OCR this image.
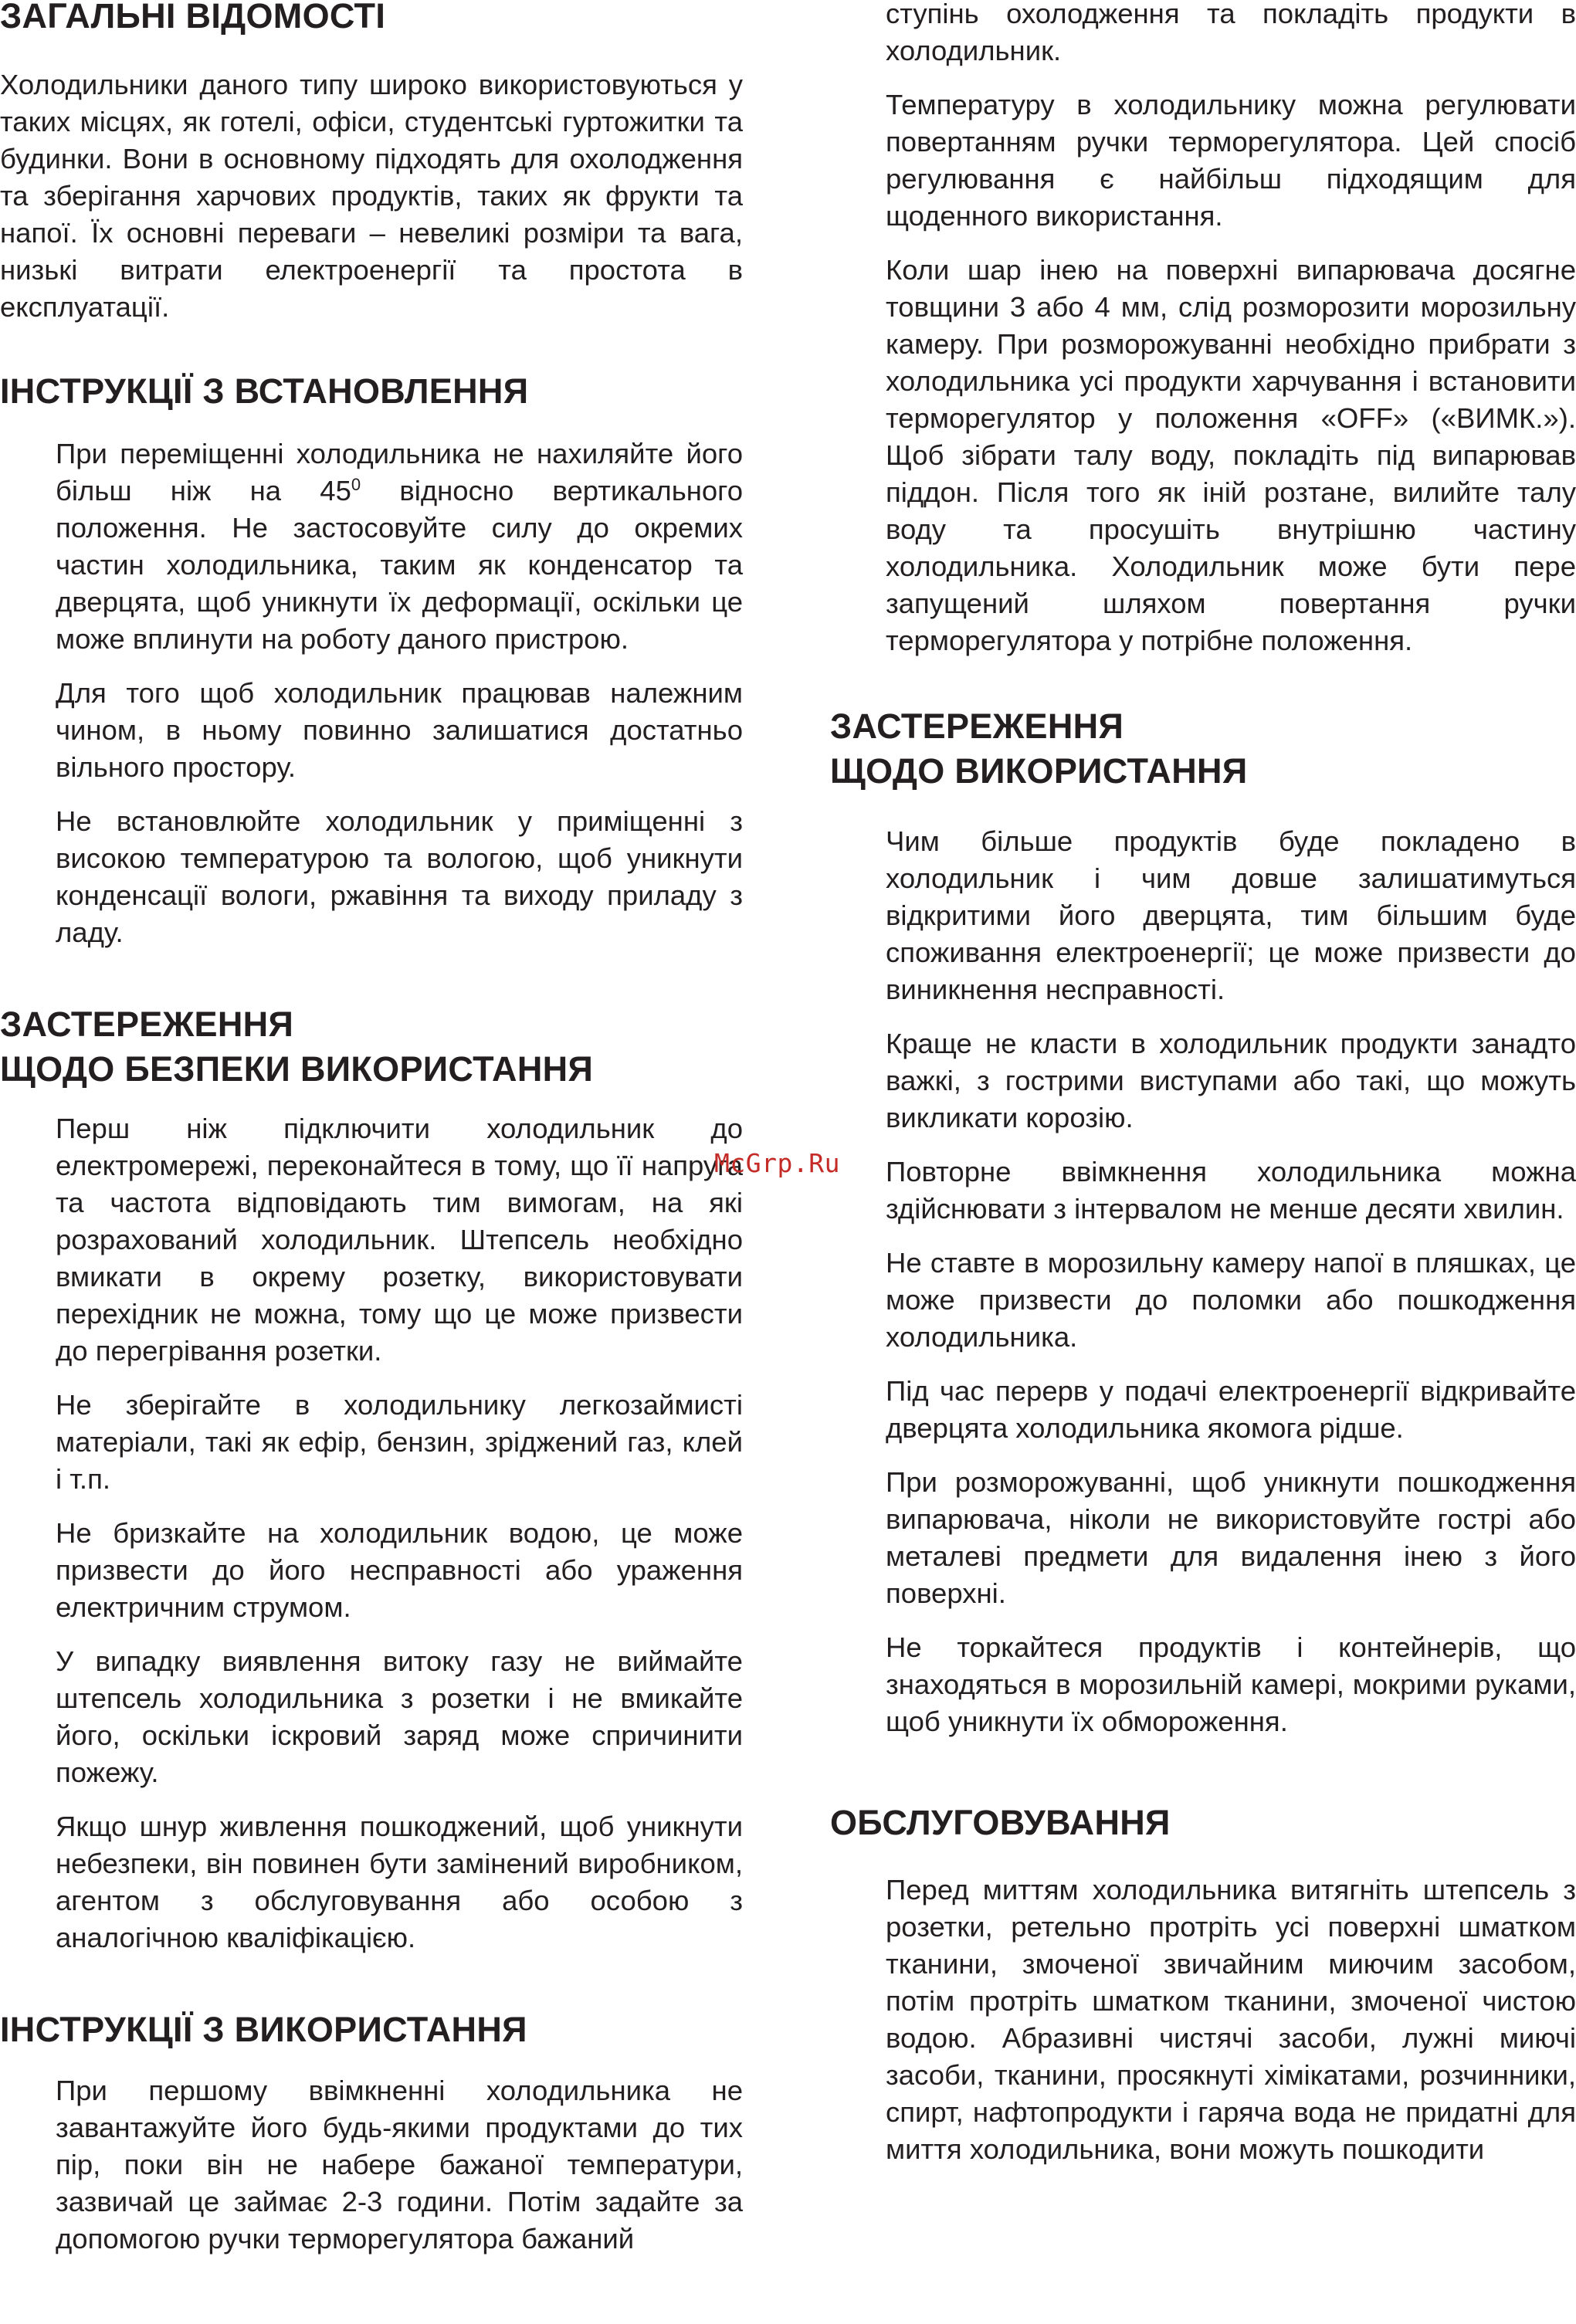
ЗАГАЛЬНІ ВІДОМОСТІ

Холодильники даного типу широко використовуються у таких місцях, як готелі, офіси, студентські гуртожитки та будинки. Вони в основному підходять для охолодження та зберігання харчових продуктів, таких як фрукти та напої. Їх основні переваги – невеликі розміри та вага, низькі витрати електроенергії та простота в експлуатації.

ІНСТРУКЦІЇ З ВСТАНОВЛЕННЯ

При переміщенні холодильника не нахиляйте його більш ніж на $45^0$ відносно вертикального положення. Не застосовуйте силу до окремих частин холодильника, таким як конденсатор та дверцята, щоб уникнути їх деформації, оскільки це може вплинути на роботу даного пристрою.

Для того щоб холодильник працював належним чином, в ньому повинно залишатися достатньо вільного простору.

Не встановлюйте холодильник у приміщенні з високою температурою та вологою, щоб уникнути конденсації вологи, ржавіння та виходу приладу з ладу.

ЗАСТЕРЕЖЕННЯ
ЩОДО БЕЗПЕКИ ВИКОРИСТАННЯ

Перш ніж підключити холодильник до електромережі, переконайтеся в тому, що її напруга та частота відповідають тим вимогам, на які розрахований холодильник. Штепсель необхідно вмикати в окрему розетку, використовувати перехідник не можна, тому що це може призвести до перегрівання розетки.

Не зберігайте в холодильнику легкозаймисті матеріали, такі як ефір, бензин, зріджений газ, клей і т.п.

Не бризкайте на холодильник водою, це може призвести до його несправності або ураження електричним струмом.

У випадку виявлення витоку газу не виймайте штепсель холодильника з розетки і не вмикайте його, оскільки іскровий заряд може спричинити пожежу.

Якщо шнур живлення пошкоджений, щоб уникнути небезпеки, він повинен бути замінений виробником, агентом з обслуговування або особою з аналогічною кваліфікацією.

ІНСТРУКЦІЇ З ВИКОРИСТАННЯ

При першому ввімкненні холодильника не завантажуйте його будь-якими продуктами до тих пір, поки він не набере бажаної температури, зазвичай це займає 2-3 години. Потім задайте за допомогою ручки терморегулятора бажаний

ступінь охолодження та покладіть продукти в холодильник.

Температуру в холодильнику можна регулювати повертанням ручки терморегулятора. Цей спосіб регулювання є найбільш підходящим для щоденного використання.

Коли шар інею на поверхні випарювача досягне товщини 3 або 4 мм, слід розморозити морозильну камеру. При розморожуванні необхідно прибрати з холодильника усі продукти харчування і встановити терморегулятор у положення «OFF» («ВИМК.»). Щоб зібрати талу воду, покладіть під випарював піддон. Після того як іній розтане, вилийте талу воду та просушіть внутрішню частину холодильника. Холодильник може бути пере запущений шляхом повертання ручки терморегулятора у потрібне положення.

ЗАСТЕРЕЖЕННЯ
ЩОДО ВИКОРИСТАННЯ

Чим більше продуктів буде покладено в холодильник і чим довше залишатимуться відкритими його дверцята, тим більшим буде споживання електроенергії; це може призвести до виникнення несправності.

Краще не класти в холодильник продукти занадто важкі, з гострими виступами або такі, що можуть викликати корозію.

Повторне ввімкнення холодильника можна здійснювати з інтервалом не менше десяти хвилин.

Не ставте в морозильну камеру напої в пляшках, це може призвести до поломки або пошкодження холодильника.

Під час перерв у подачі електроенергії відкривайте дверцята холодильника якомога рідше.

При розморожуванні, щоб уникнути пошкодження випарювача, ніколи не використовуйте гострі або металеві предмети для видалення інею з його поверхні.

Не торкайтеся продуктів і контейнерів, що знаходяться в морозильній камері, мокрими руками, щоб уникнути їх обмороження.

ОБСЛУГОВУВАННЯ

Перед миттям холодильника витягніть штепсель з розетки, ретельно протріть усі поверхні шматком тканини, змоченої звичайним миючим засобом, потім протріть шматком тканини, змоченої чистою водою. Абразивні чистячі засоби, лужні миючі засоби, тканини, просякнуті хімікатами, розчинники, спирт, нафтопродукти і гаряча вода не придатні для миття холодильника, вони можуть пошкодити

McGrp.Ru
